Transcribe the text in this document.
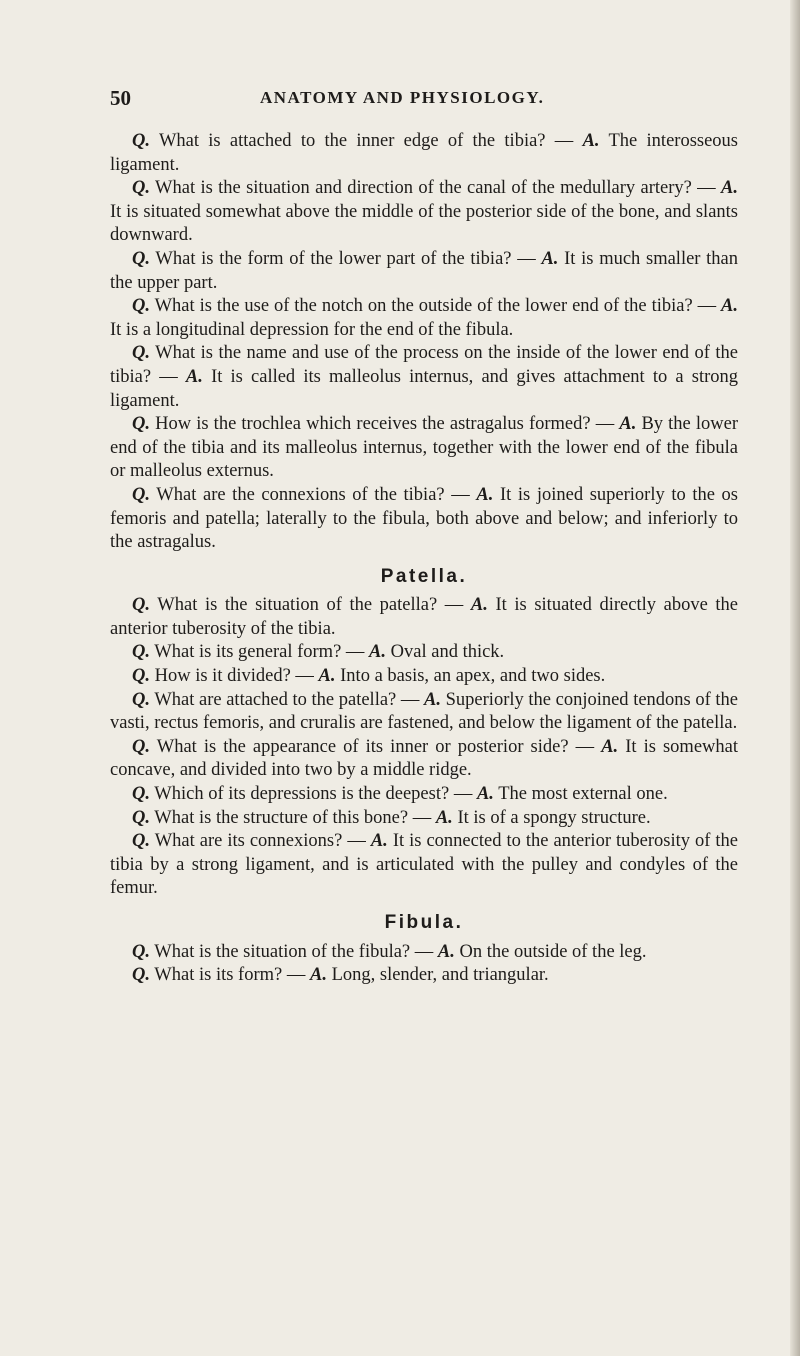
50	ANATOMY AND PHYSIOLOGY.

Q. What is attached to the inner edge of the tibia? — A. The interosseous ligament.

Q. What is the situation and direction of the canal of the medullary artery? — A. It is situated somewhat above the middle of the posterior side of the bone, and slants downward.

Q. What is the form of the lower part of the tibia? — A. It is much smaller than the upper part.

Q. What is the use of the notch on the outside of the lower end of the tibia? — A. It is a longitudinal depression for the end of the fibula.

Q. What is the name and use of the process on the inside of the lower end of the tibia? — A. It is called its malleolus internus, and gives attachment to a strong ligament.

Q. How is the trochlea which receives the astragalus formed? — A. By the lower end of the tibia and its malleolus internus, together with the lower end of the fibula or malleolus externus.

Q. What are the connexions of the tibia? — A. It is joined superiorly to the os femoris and patella; laterally to the fibula, both above and below; and inferiorly to the astragalus.

Patella.

Q. What is the situation of the patella? — A. It is situated directly above the anterior tuberosity of the tibia.

Q. What is its general form? — A. Oval and thick.

Q. How is it divided? — A. Into a basis, an apex, and two sides.

Q. What are attached to the patella? — A. Superiorly the conjoined tendons of the vasti, rectus femoris, and cruralis are fastened, and below the ligament of the patella.

Q. What is the appearance of its inner or posterior side? — A. It is somewhat concave, and divided into two by a middle ridge.

Q. Which of its depressions is the deepest? — A. The most external one.

Q. What is the structure of this bone? — A. It is of a spongy structure.

Q. What are its connexions? — A. It is connected to the anterior tuberosity of the tibia by a strong ligament, and is articulated with the pulley and condyles of the femur.

Fibula.

Q. What is the situation of the fibula? — A. On the outside of the leg.

Q. What is its form? — A. Long, slender, and triangular.
